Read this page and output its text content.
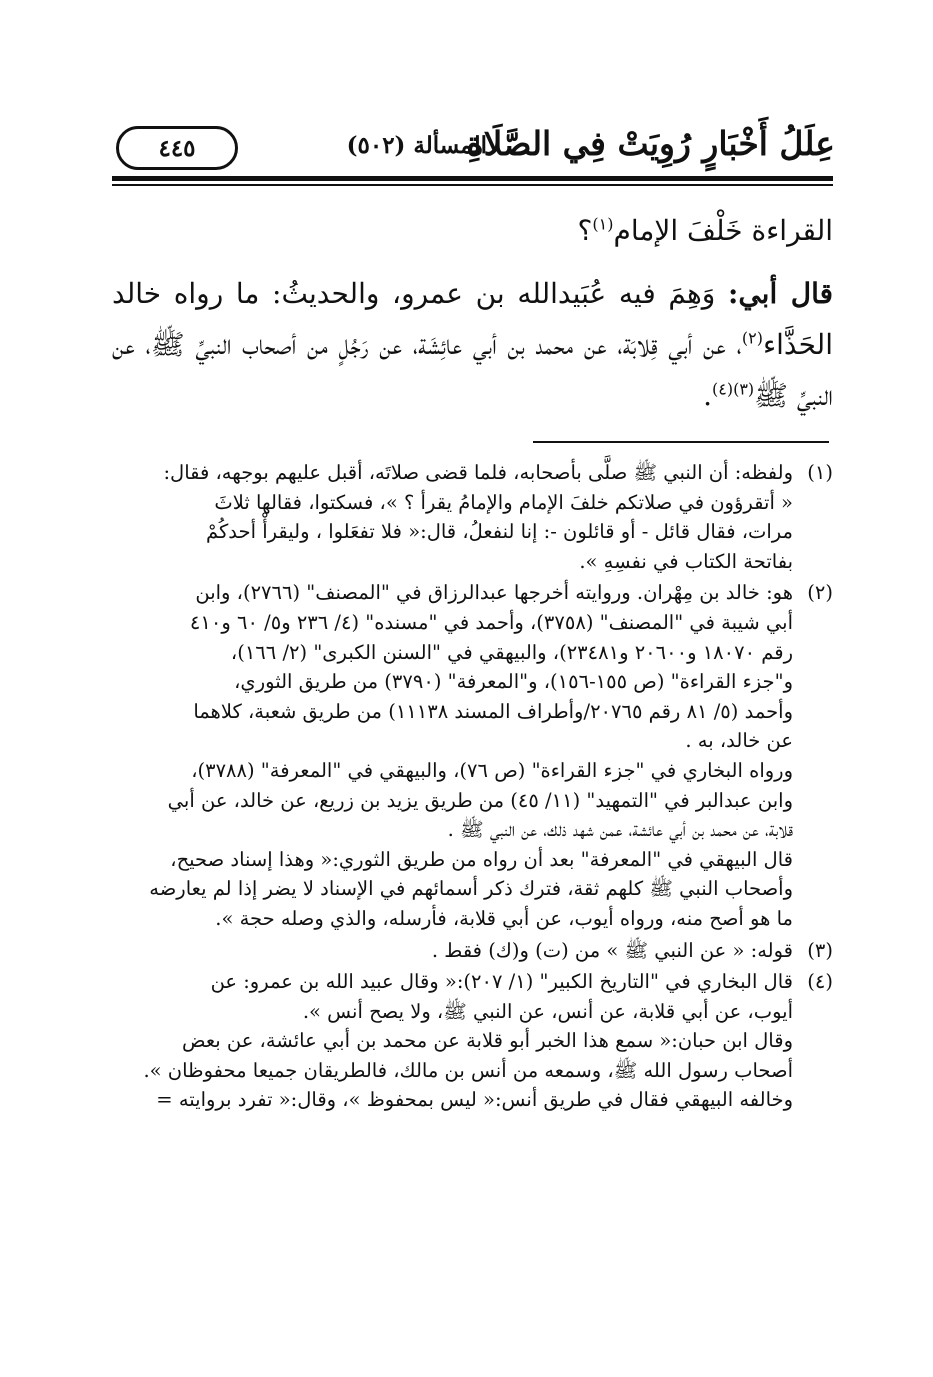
عِلَلُ أَخْبَارٍ رُوِيَتْ فِي الصَّلَاةِ
المسألة (٥٠٢)
٤٤٥

القراءة خَلْفَ الإمام$^{(١)}$؟

قال أبي: وَهِمَ فيه عُبَيدالله بن عمرو، والحديثُ: ما رواه خالد الحَذَّاء$^{(٢)}$، عن أبي قِلابَة، عن محمد بن أبي عائِشَة، عن رَجُلٍ من أصحاب النبيِّ ﷺ، عن النبيِّ ﷺ$^{(٣)(٤)}$.

(١)
ولفظه: أن النبي ﷺ صلَّى بأصحابه، فلما قضى صلاتَه، أقبل عليهم بوجهه، فقال:
« أتقرؤون في صلاتكم خلفَ الإمام والإمامُ يقرأ ؟ »، فسكتوا، فقالها ثلاثَ
مرات، فقال قائل - أو قائلون -: إنا لنفعلُ، قال:« فلا تفعَلوا ، وليقرأْ أحدكُمْ
بفاتحة الكتاب في نفسِهِ ».
(٢)
هو: خالد بن مِهْران. وروايته أخرجها عبدالرزاق في "المصنف" (٢٧٦٦)، وابن
أبي شيبة في "المصنف" (٣٧٥٨)، وأحمد في "مسنده" (٤/ ٢٣٦ و٥/ ٦٠ و٤١٠
رقم ١٨٠٧٠ و٢٠٦٠٠ و٢٣٤٨١)، والبيهقي في "السنن الكبرى" (٢/ ١٦٦)،
و"جزء القراءة" (ص ١٥٥-١٥٦)، و"المعرفة" (٣٧٩٠) من طريق الثوري،
وأحمد (٥/ ٨١ رقم ٢٠٧٦٥/وأطراف المسند ١١١٣٨) من طريق شعبة، كلاهما
عن خالد، به .
ورواه البخاري في "جزء القراءة" (ص ٧٦)، والبيهقي في "المعرفة" (٣٧٨٨)،
وابن عبدالبر في "التمهيد" (١١/ ٤٥) من طريق يزيد بن زريع، عن خالد، عن أبي
قلابة، عن محمد بن أبي عائشة، عمن شهد ذلك، عن النبي ﷺ .
قال البيهقي في "المعرفة" بعد أن رواه من طريق الثوري:« وهذا إسناد صحيح،
وأصحاب النبي ﷺ كلهم ثقة، فترك ذكر أسمائهم في الإسناد لا يضر إذا لم يعارضه
ما هو أصح منه، ورواه أيوب، عن أبي قلابة، فأرسله، والذي وصله حجة ».
(٣)
قوله: « عن النبي ﷺ » من (ت) و(ك) فقط .
(٤)
قال البخاري في "التاريخ الكبير" (١/ ٢٠٧):« وقال عبيد الله بن عمرو: عن
أيوب، عن أبي قلابة، عن أنس، عن النبي ﷺ، ولا يصح أنس ».
وقال ابن حبان:« سمع هذا الخبر أبو قلابة عن محمد بن أبي عائشة، عن بعض
أصحاب رسول الله ﷺ، وسمعه من أنس بن مالك، فالطريقان جميعا محفوظان ».
وخالفه البيهقي فقال في طريق أنس:« ليس بمحفوظ »، وقال:« تفرد بروايته =
